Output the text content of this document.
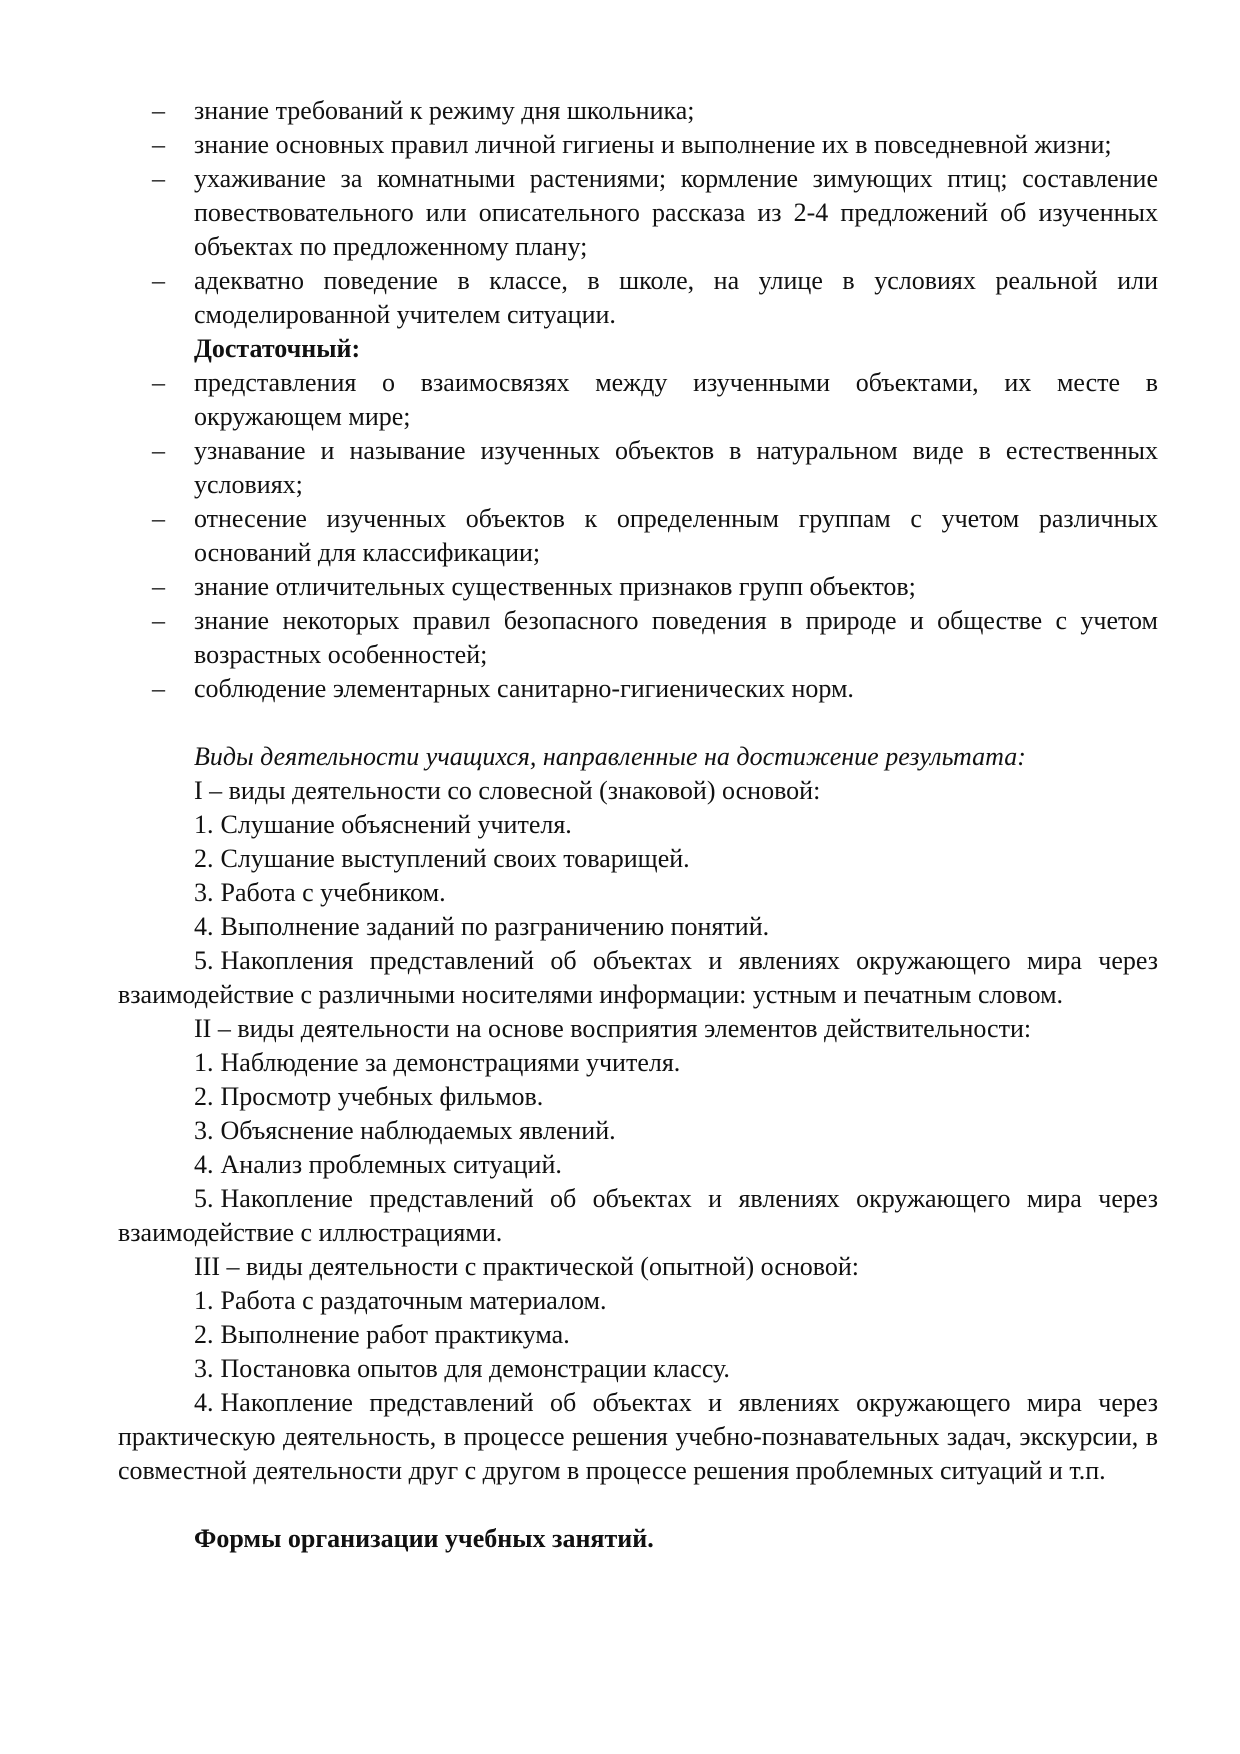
– знание требований к режиму дня школьника;
– знание основных правил личной гигиены и выполнение их в повседневной жизни;
– ухаживание за комнатными растениями; кормление зимующих птиц; составление повествовательного или описательного рассказа из 2-4 предложений об изученных объектах по предложенному плану;
– адекватно поведение в классе, в школе, на улице в условиях реальной или смоделированной учителем ситуации.
Достаточный:
– представления о взаимосвязях между изученными объектами, их месте в окружающем мире;
– узнавание и называние изученных объектов в натуральном виде в естественных условиях;
– отнесение изученных объектов к определенным группам с учетом различных оснований для классификации;
– знание отличительных существенных признаков групп объектов;
– знание некоторых правил безопасного поведения в природе и обществе с учетом возрастных особенностей;
– соблюдение элементарных санитарно-гигиенических норм.

Виды деятельности учащихся, направленные на достижение результата:

I – виды деятельности со словесной (знаковой) основой:

1. Слушание объяснений учителя.

2. Слушание выступлений своих товарищей.

3. Работа с учебником.

4. Выполнение заданий по разграничению понятий.

5. Накопления представлений об объектах и явлениях окружающего мира через взаимодействие с различными носителями информации: устным и печатным словом.

II – виды деятельности на основе восприятия элементов действительности:

1. Наблюдение за демонстрациями учителя.

2. Просмотр учебных фильмов.

3. Объяснение наблюдаемых явлений.

4. Анализ проблемных ситуаций.

5. Накопление представлений об объектах и явлениях окружающего мира через взаимодействие с иллюстрациями.

III – виды деятельности с практической (опытной) основой:

1. Работа с раздаточным материалом.

2. Выполнение работ практикума.

3. Постановка опытов для демонстрации классу.

4. Накопление представлений об объектах и явлениях окружающего мира через практическую деятельность, в процессе решения учебно-познавательных задач, экскурсии, в совместной деятельности друг с другом в процессе решения проблемных ситуаций и т.п.

Формы организации учебных занятий.
